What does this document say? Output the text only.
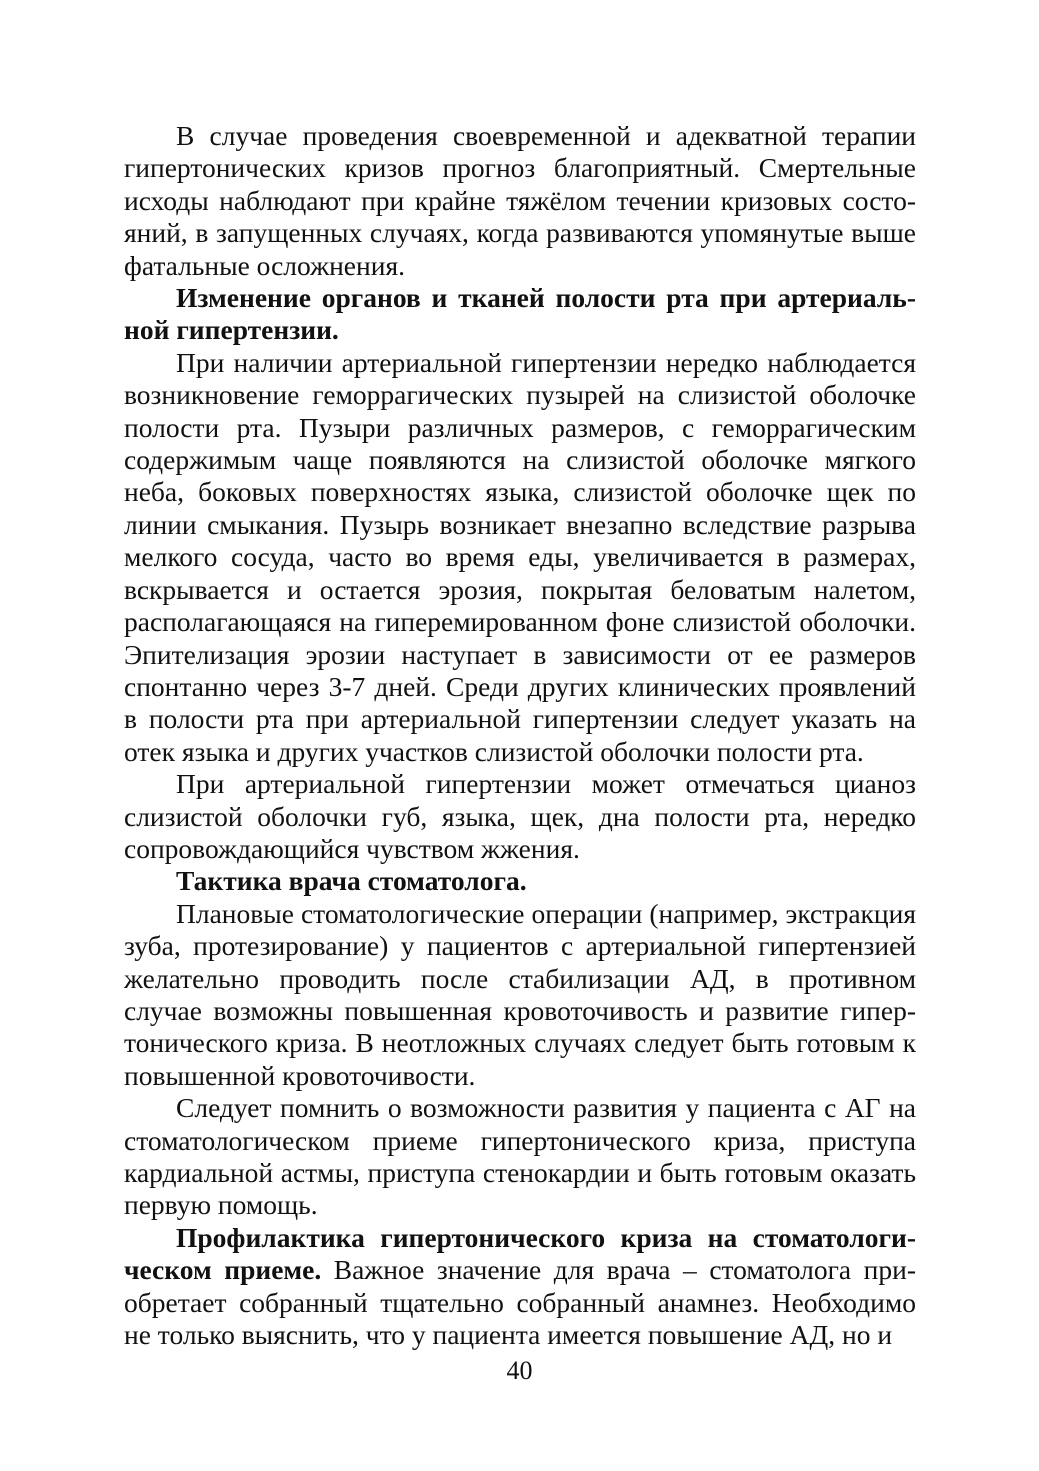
В случае проведения своевременной и адекватной терапии гипертонических кризов прогноз благоприятный. Смертельные исходы наблюдают при крайне тяжёлом течении кризовых состояний, в запущенных случаях, когда развиваются упомянутые выше фатальные осложнения.

Изменение органов и тканей полости рта при артериальной гипертензии.

При наличии артериальной гипертензии нередко наблюдается возникновение геморрагических пузырей на слизистой оболочке полости рта. Пузыри различных размеров, с геморрагическим содержимым чаще появляются на слизистой оболочке мягкого неба, боковых поверхностях языка, слизистой оболочке щек по линии смыкания. Пузырь возникает внезапно вследствие разрыва мелкого сосуда, часто во время еды, увеличивается в размерах, вскрывается и остается эрозия, покрытая беловатым налетом, располагающаяся на гиперемированном фоне слизистой оболочки. Эпителизация эрозии наступает в зависимости от ее размеров спонтанно через 3-7 дней. Среди других клинических проявлений в полости рта при артериальной гипертензии следует указать на отек языка и других участков слизистой оболочки полости рта.

При артериальной гипертензии может отмечаться цианоз слизистой оболочки губ, языка, щек, дна полости рта, нередко сопровождающийся чувством жжения.

Тактика врача стоматолога.

Плановые стоматологические операции (например, экстракция зуба, протезирование) у пациентов с артериальной гипертензией желательно проводить после стабилизации АД, в противном случае возможны повышенная кровоточивость и развитие гипертонического криза. В неотложных случаях следует быть готовым к повышенной кровоточивости.

Следует помнить о возможности развития у пациента с АГ на стоматологическом приеме гипертонического криза, приступа кардиальной астмы, приступа стенокардии и быть готовым оказать первую помощь.

Профилактика гипертонического криза на стоматологическом приеме. Важное значение для врача – стоматолога приобретает собранный тщательно собранный анамнез. Необходимо не только выяснить, что у пациента имеется повышение АД, но и

40
